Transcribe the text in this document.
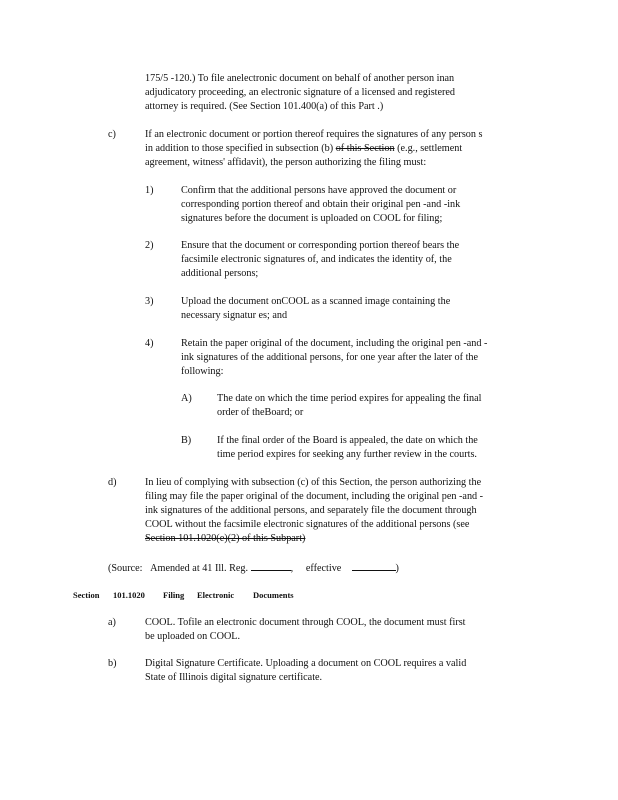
175/5 -120.) To file anelectronic document on behalf of another person inan
adjudicatory proceeding, an electronic signature of a licensed and registered
attorney is required. (See Section 101.400(a) of this Part .)
c)	If an electronic document or portion thereof requires the signatures of any person s
in addition to those specified in subsection (b) of this Section (e.g., settlement
agreement, witness' affidavit), the person authorizing the filing must:
1)	Confirm that the additional persons have approved the document or
corresponding portion thereof and obtain their original pen -and -ink
signatures before the document is uploaded on COOL for filing;
2)	Ensure that the document or corresponding portion thereof bears the
facsimile electronic signatures of, and indicates the identity of, the
additional persons;
3)	Upload the document onCOOL as a scanned image containing the
necessary signatur es; and
4)	Retain the paper original of the document, including the original pen -and -
ink signatures of the additional persons, for one year after the later of the
following:
A) The date on which the time period expires for appealing the final
order of theBoard; or
B)	If the final order of the Board is appealed, the date on which the
time period expires for seeking any further review in the courts.
d)	In lieu of complying with subsection (c) of this Section, the person authorizing the
filing may file the paper original of the document, including the original pen -and -
ink signatures of the additional persons, and separately file the document through
COOL without the facsimile electronic signatures of the additional persons (see
Section 101.1020(e)(2) of this Subpart)
(Source: Amended at 41 Ill. Reg.	, effective	)
Section 101.1020 Filing Electronic Documents
a)	COOL. Tofile an electronic document through COOL, the document must first
be uploaded on COOL.
b)	Digital Signature Certificate. Uploading a document on COOL requires a valid
State of Illinois digital signature certificate.
